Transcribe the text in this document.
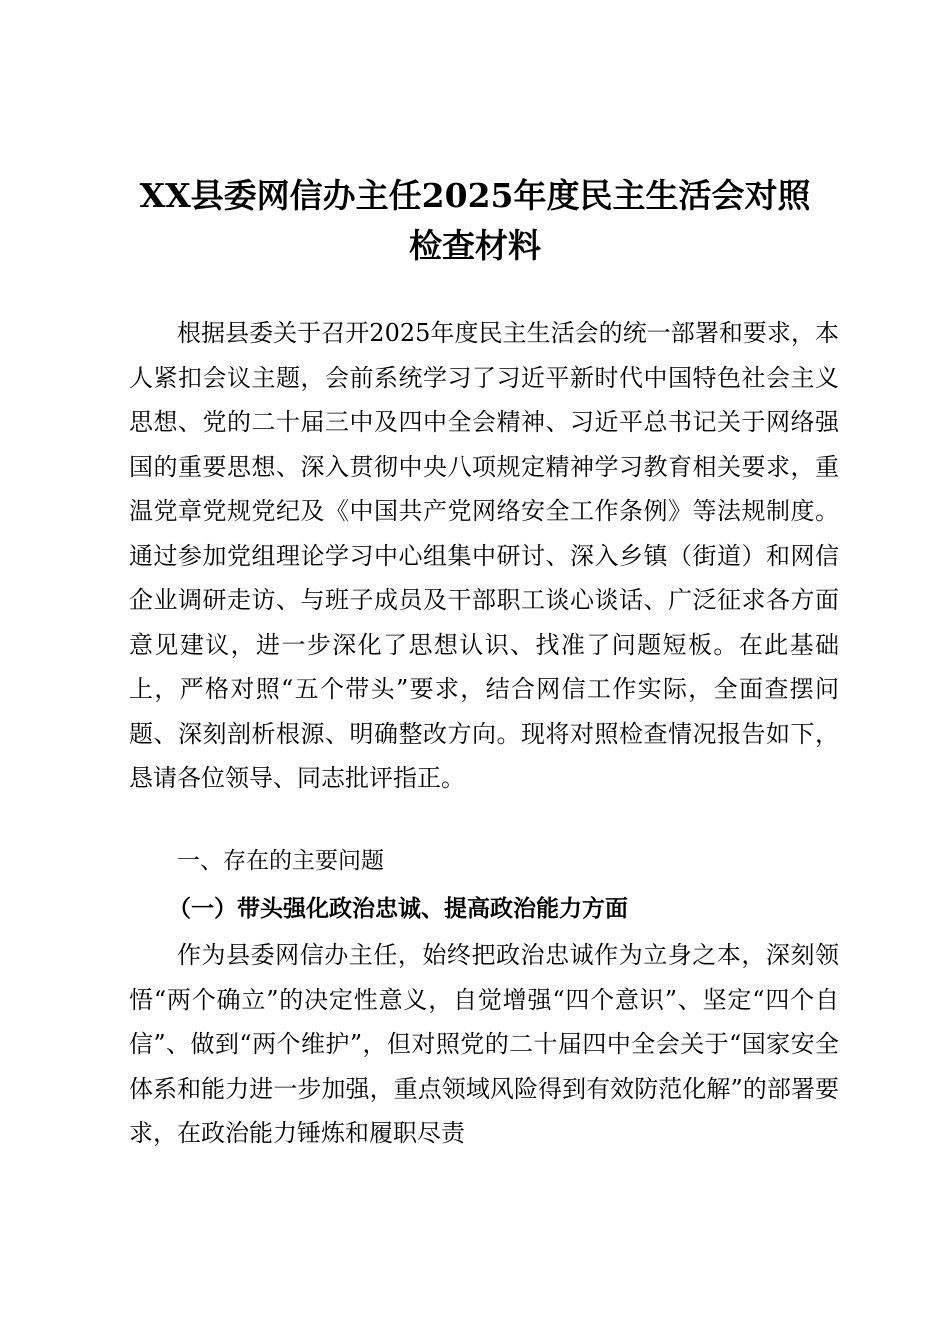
XX县委网信办主任2025年度民主生活会对照
检查材料

根据县委关于召开2025年度民主生活会的统一部署和要求，本人紧扣会议主题，会前系统学习了习近平新时代中国特色社会主义思想、党的二十届三中及四中全会精神、习近平总书记关于网络强国的重要思想、深入贯彻中央八项规定精神学习教育相关要求，重温党章党规党纪及《中国共产党网络安全工作条例》等法规制度。通过参加党组理论学习中心组集中研讨、深入乡镇（街道）和网信企业调研走访、与班子成员及干部职工谈心谈话、广泛征求各方面意见建议，进一步深化了思想认识、找准了问题短板。在此基础上，严格对照“五个带头”要求，结合网信工作实际，全面查摆问题、深刻剖析根源、明确整改方向。现将对照检查情况报告如下，恳请各位领导、同志批评指正。

一、存在的主要问题
（一）带头强化政治忠诚、提高政治能力方面

作为县委网信办主任，始终把政治忠诚作为立身之本，深刻领悟“两个确立”的决定性意义，自觉增强“四个意识”、坚定“四个自信”、做到“两个维护”，但对照党的二十届四中全会关于“国家安全体系和能力进一步加强，重点领域风险得到有效防范化解”的部署要求，在政治能力锤炼和履职尽责
